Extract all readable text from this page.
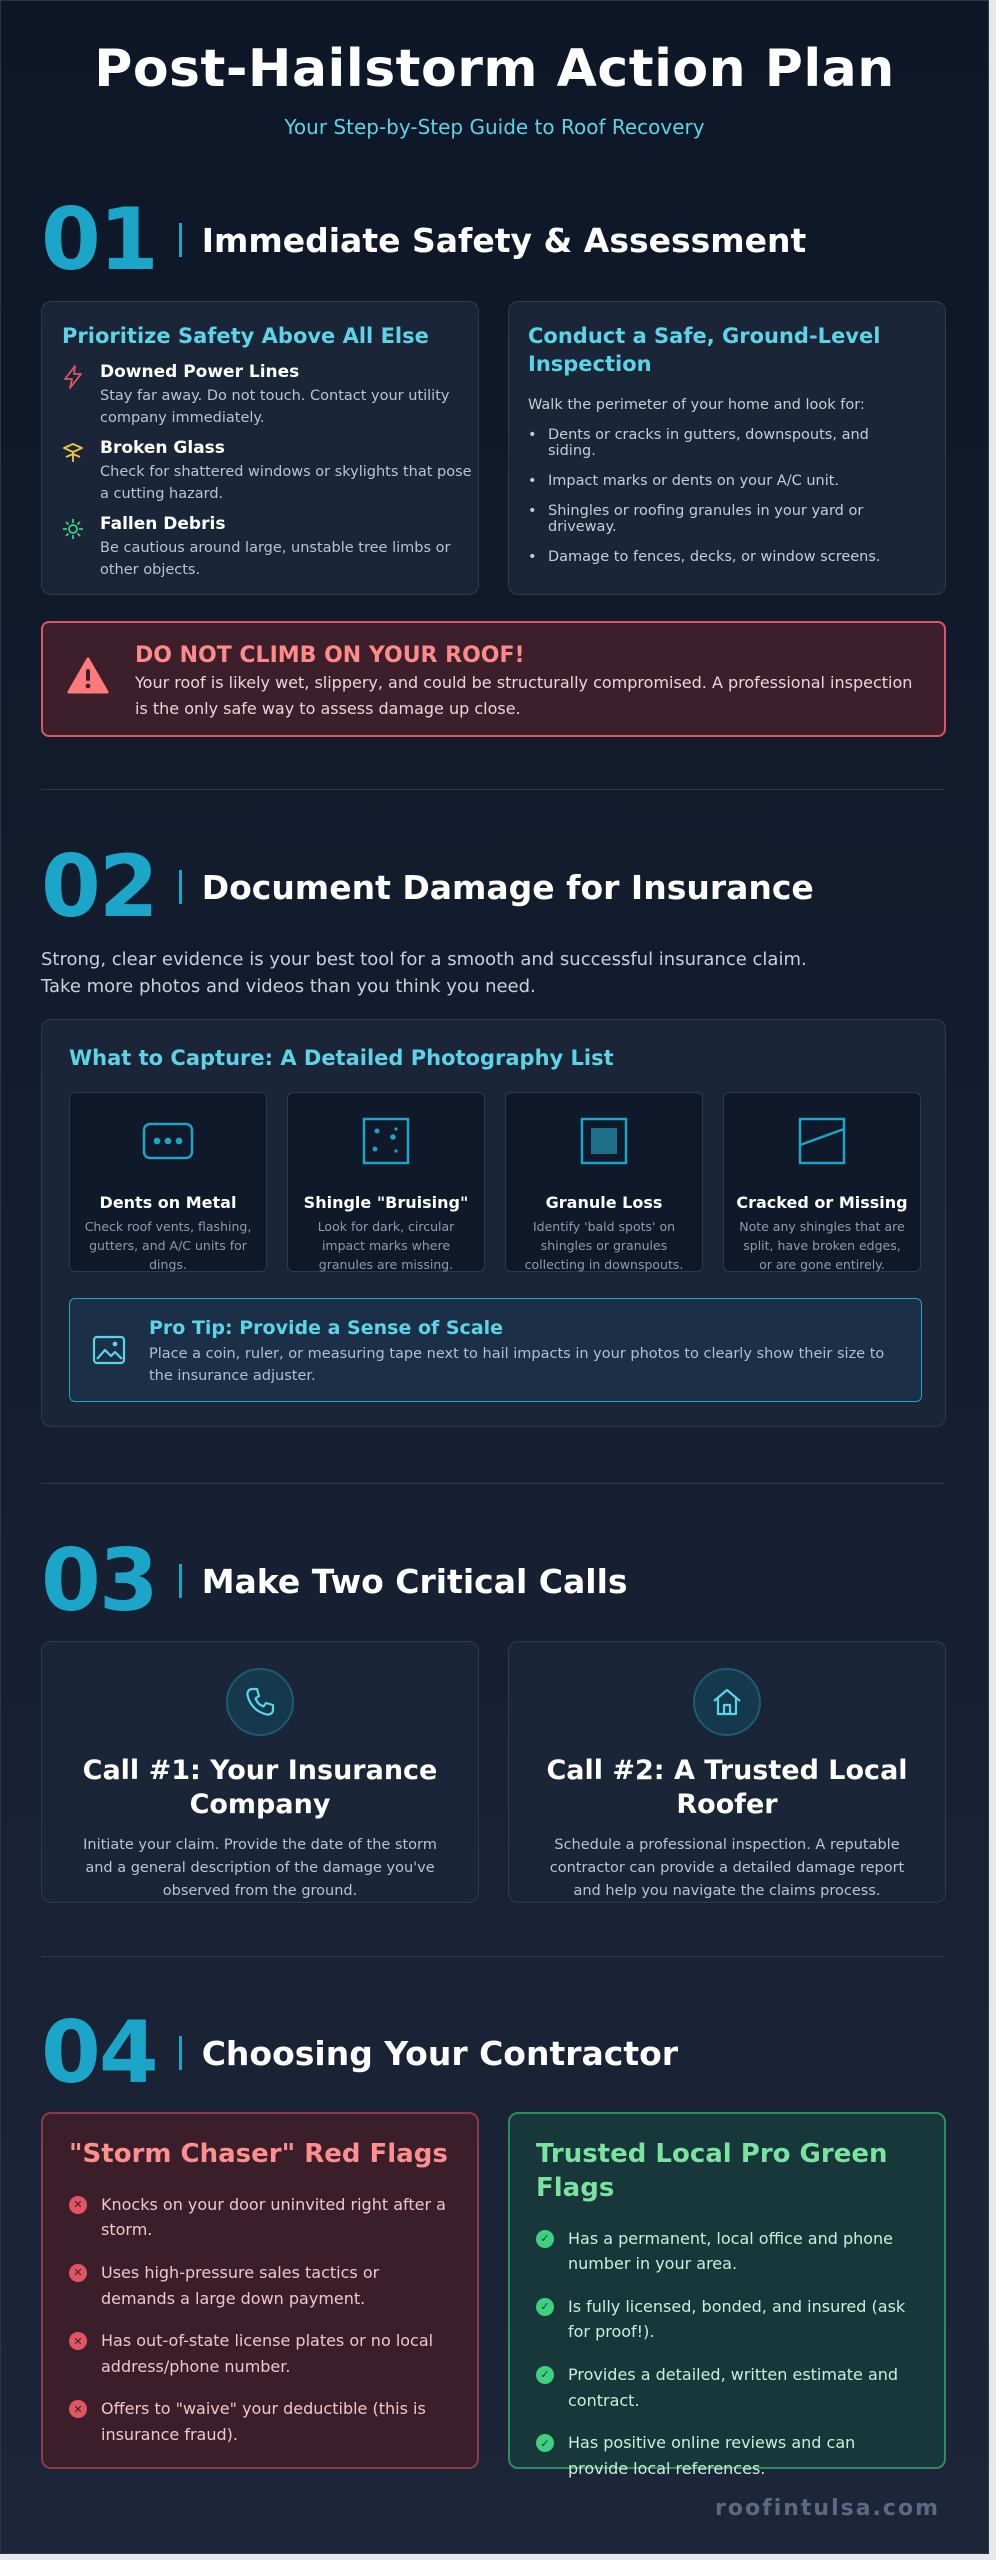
Post-Hailstorm Action Plan
Your Step-by-Step Guide to Roof Recovery
01 Immediate Safety & Assessment
Prioritize Safety Above All Else
Downed Power Lines
Stay far away. Do not touch. Contact your utility company immediately.
Broken Glass
Check for shattered windows or skylights that pose a cutting hazard.
Fallen Debris
Be cautious around large, unstable tree limbs or other objects.
Conduct a Safe, Ground-Level Inspection
Walk the perimeter of your home and look for:
• Dents or cracks in gutters, downspouts, and siding.
• Impact marks or dents on your A/C unit.
• Shingles or roofing granules in your yard or driveway.
• Damage to fences, decks, or window screens.
DO NOT CLIMB ON YOUR ROOF!
Your roof is likely wet, slippery, and could be structurally compromised. A professional inspection is the only safe way to assess damage up close.
02 Document Damage for Insurance
Strong, clear evidence is your best tool for a smooth and successful insurance claim.
Take more photos and videos than you think you need.
What to Capture: A Detailed Photography List
Dents on Metal
Check roof vents, flashing, gutters, and A/C units for dings.
Shingle "Bruising"
Look for dark, circular impact marks where granules are missing.
Granule Loss
Identify 'bald spots' on shingles or granules collecting in downspouts.
Cracked or Missing
Note any shingles that are split, have broken edges, or are gone entirely.
Pro Tip: Provide a Sense of Scale
Place a coin, ruler, or measuring tape next to hail impacts in your photos to clearly show their size to the insurance adjuster.
03 Make Two Critical Calls
Call #1: Your Insurance Company
Initiate your claim. Provide the date of the storm and a general description of the damage you've observed from the ground.
Call #2: A Trusted Local Roofer
Schedule a professional inspection. A reputable contractor can provide a detailed damage report and help you navigate the claims process.
04 Choosing Your Contractor
"Storm Chaser" Red Flags
✕ Knocks on your door uninvited right after a storm.
✕ Uses high-pressure sales tactics or demands a large down payment.
✕ Has out-of-state license plates or no local address/phone number.
✕ Offers to "waive" your deductible (this is insurance fraud).
Trusted Local Pro Green Flags
✓ Has a permanent, local office and phone number in your area.
✓ Is fully licensed, bonded, and insured (ask for proof!).
✓ Provides a detailed, written estimate and contract.
✓ Has positive online reviews and can provide local references.
roofintulsa.com
